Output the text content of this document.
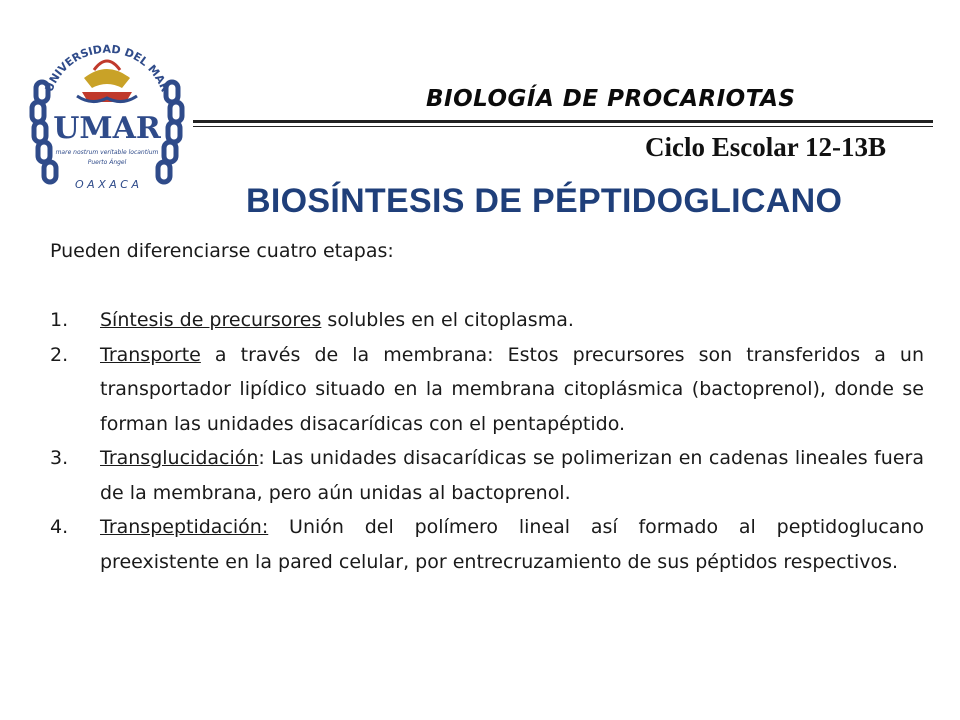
UNIVERSIDAD DEL MAR
UMAR
mare nostrum veritable locantium
Puerto Ángel
O A X A C A
BIOLOGÍA DE PROCARIOTAS
Ciclo Escolar 12-13B
BIOSÍNTESIS DE PÉPTIDOGLICANO

Pueden diferenciarse cuatro etapas:

1.	Síntesis de precursores solubles en el citoplasma.
2.	Transporte a través de la membrana: Estos precursores son transferidos a un transportador lipídico situado en la membrana citoplásmica (bactoprenol), donde se forman las unidades disacarídicas con el pentapéptido.
3.	Transglucidación: Las unidades disacarídicas se polimerizan en cadenas lineales fuera de la membrana, pero aún unidas al bactoprenol.
4.	Transpeptidación: Unión del polímero lineal así formado al peptidoglucano preexistente en la pared celular, por entrecruzamiento de sus péptidos respectivos.
